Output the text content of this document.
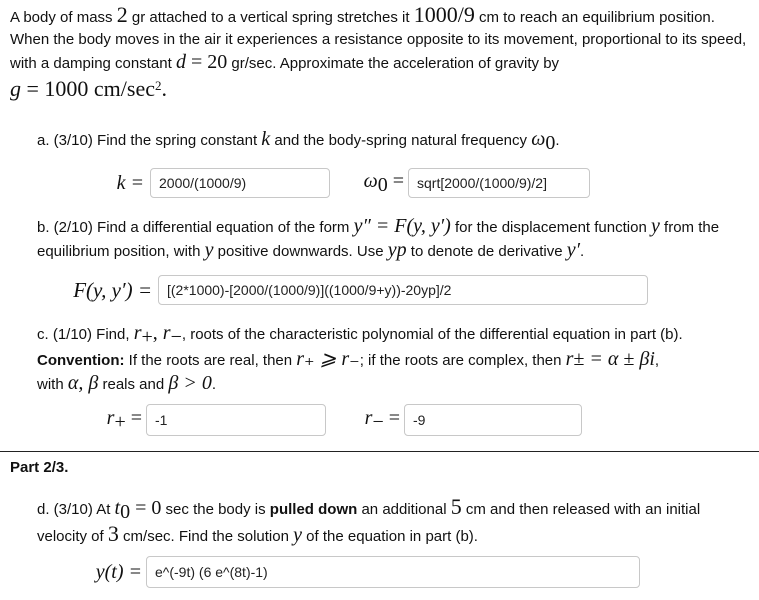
A body of mass 2 gr attached to a vertical spring stretches it 1000/9 cm to reach an equilibrium position. When the body moves in the air it experiences a resistance opposite to its movement, proportional to its speed,
with a damping constant d = 20 gr/sec. Approximate the acceleration of gravity by
g = 1000 $cm/\sec^2$.
a. (3/10) Find the spring constant k and the body-spring natural frequency $\omega_0$.
k =
2000/(1000/9)	$\omega_0$ =
sqrt[2000/(1000/9)/2]
b. (2/10) Find a differential equation of the form y″ = F(y, y′) for the displacement function y from the equilibrium position, with y positive downwards. Use yp to denote de derivative y′.
F(y, y′) =
[(2*1000)-[2000/(1000/9)]((1000/9+y))-20yp]/2
c. (1/10) Find, $r_+$, $r_-$, roots of the characteristic polynomial of the differential equation in part (b).
Convention: If the roots are real, then r₊ ⩾ r₋; if the roots are complex, then r± = α ± βi,
with α, β reals and β > 0.
$r_+$ =
-1	$r_-$ =
-9
Part 2/3.
d. (3/10) At $t_0 = 0$ sec the body is pulled down an additional 5 cm and then released with an initial velocity of 3 cm/sec. Find the solution y of the equation in part (b).
y(t) =
e^(-9t) (6 e^(8t)-1)
